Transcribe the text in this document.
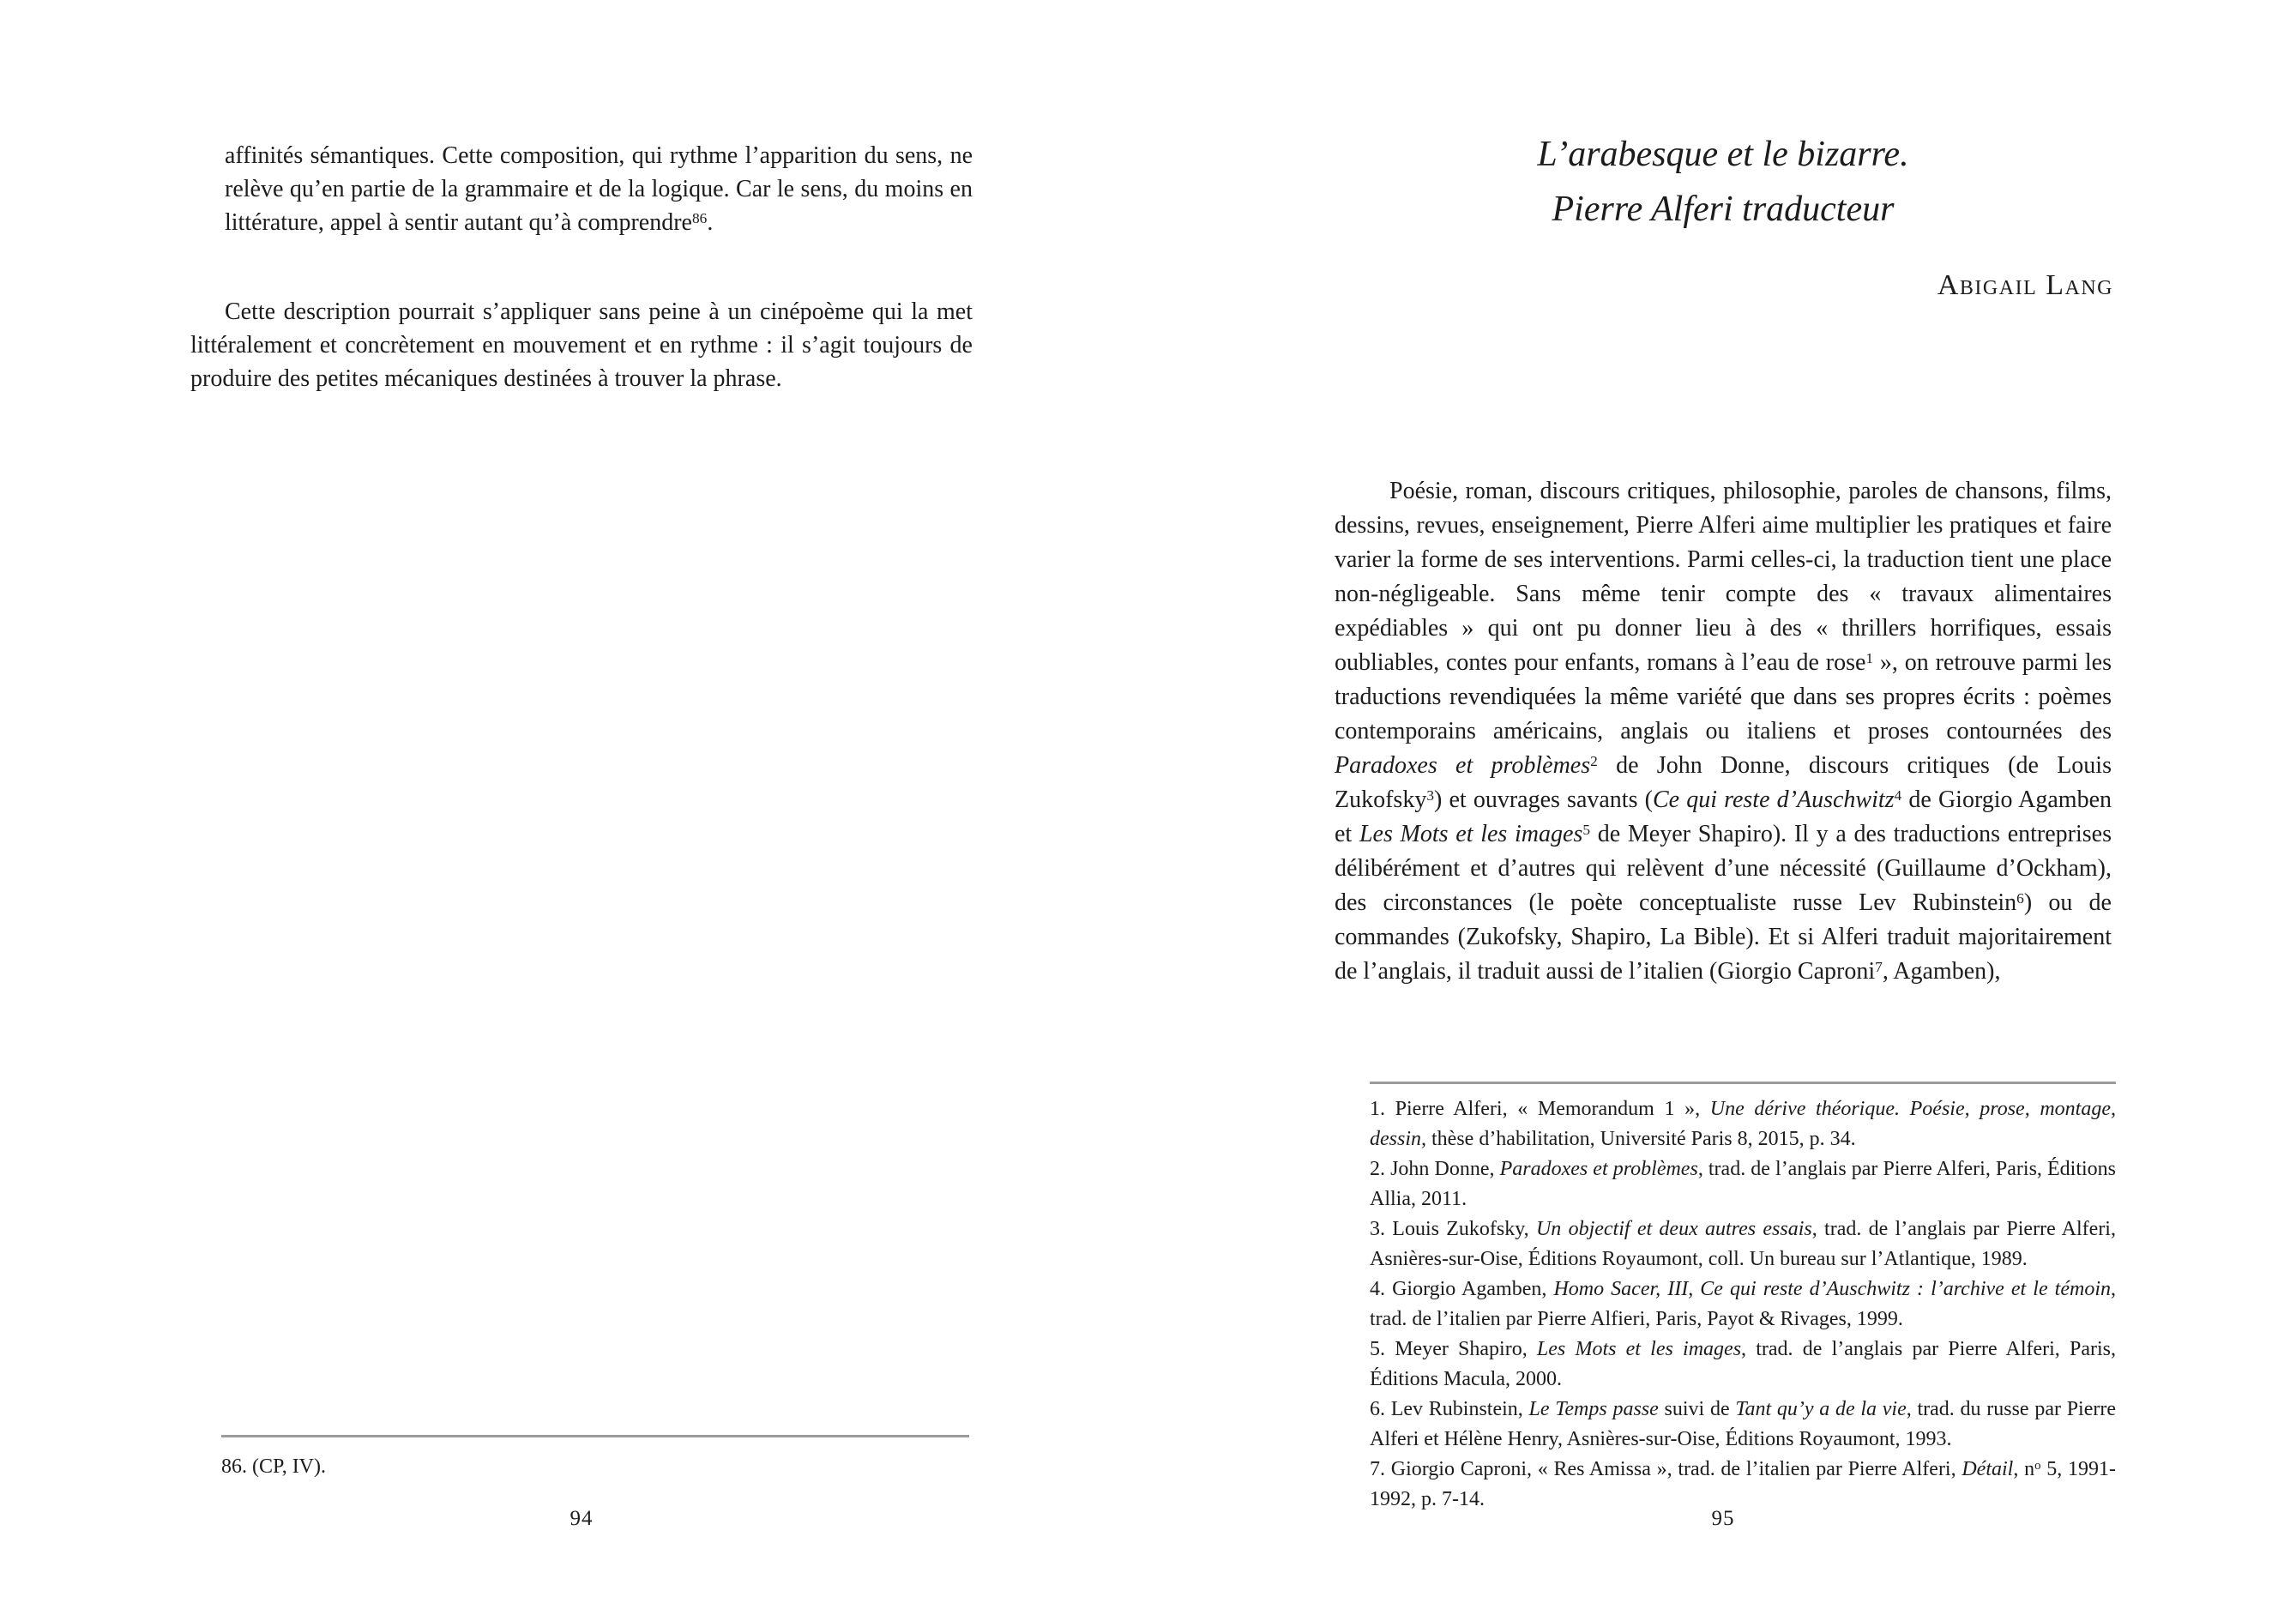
affinités sémantiques. Cette composition, qui rythme l’apparition du sens, ne relève qu’en partie de la grammaire et de la logique. Car le sens, du moins en littérature, appel à sentir autant qu’à comprendre$^{86}$.

Cette description pourrait s’appliquer sans peine à un cinépoème qui la met littéralement et concrètement en mouvement et en rythme : il s’agit toujours de produire des petites mécaniques destinées à trouver la phrase.

86. (CP, IV).
94
L’arabesque et le bizarre.
Pierre Alferi traducteur
Abigail Lang

Poésie, roman, discours critiques, philosophie, paroles de chansons, films, dessins, revues, enseignement, Pierre Alferi aime multiplier les pratiques et faire varier la forme de ses interventions. Parmi celles-ci, la traduction tient une place non-négligeable. Sans même tenir compte des « travaux alimentaires expédiables » qui ont pu donner lieu à des « thrillers horrifiques, essais oubliables, contes pour enfants, romans à l’eau de rose$^1$ », on retrouve parmi les traductions revendiquées la même variété que dans ses propres écrits : poèmes contemporains américains, anglais ou italiens et proses contournées des Paradoxes et problèmes$^2$ de John Donne, discours critiques (de Louis Zukofsky$^3$) et ouvrages savants (Ce qui reste d’Auschwitz$^4$ de Giorgio Agamben et Les Mots et les images$^5$ de Meyer Shapiro). Il y a des traductions entreprises délibérément et d’autres qui relèvent d’une nécessité (Guillaume d’Ockham), des circonstances (le poète conceptualiste russe Lev Rubinstein$^6$) ou de commandes (Zukofsky, Shapiro, La Bible). Et si Alferi traduit majoritairement de l’anglais, il traduit aussi de l’italien (Giorgio Caproni$^7$, Agamben),

1. Pierre Alferi, « Memorandum 1 », Une dérive théorique. Poésie, prose, montage, dessin, thèse d’habilitation, Université Paris 8, 2015, p. 34.

2. John Donne, Paradoxes et problèmes, trad. de l’anglais par Pierre Alferi, Paris, Éditions Allia, 2011.

3. Louis Zukofsky, Un objectif et deux autres essais, trad. de l’anglais par Pierre Alferi, Asnières-sur-Oise, Éditions Royaumont, coll. Un bureau sur l’Atlantique, 1989.

4. Giorgio Agamben, Homo Sacer, III, Ce qui reste d’Auschwitz : l’archive et le témoin, trad. de l’italien par Pierre Alfieri, Paris, Payot & Rivages, 1999.

5. Meyer Shapiro, Les Mots et les images, trad. de l’anglais par Pierre Alferi, Paris, Éditions Macula, 2000.

6. Lev Rubinstein, Le Temps passe suivi de Tant qu’y a de la vie, trad. du russe par Pierre Alferi et Hélène Henry, Asnières-sur-Oise, Éditions Royaumont, 1993.

7. Giorgio Caproni, « Res Amissa », trad. de l’italien par Pierre Alferi, Détail, $n^o$ 5, 1991-1992, p. 7-14.

95
